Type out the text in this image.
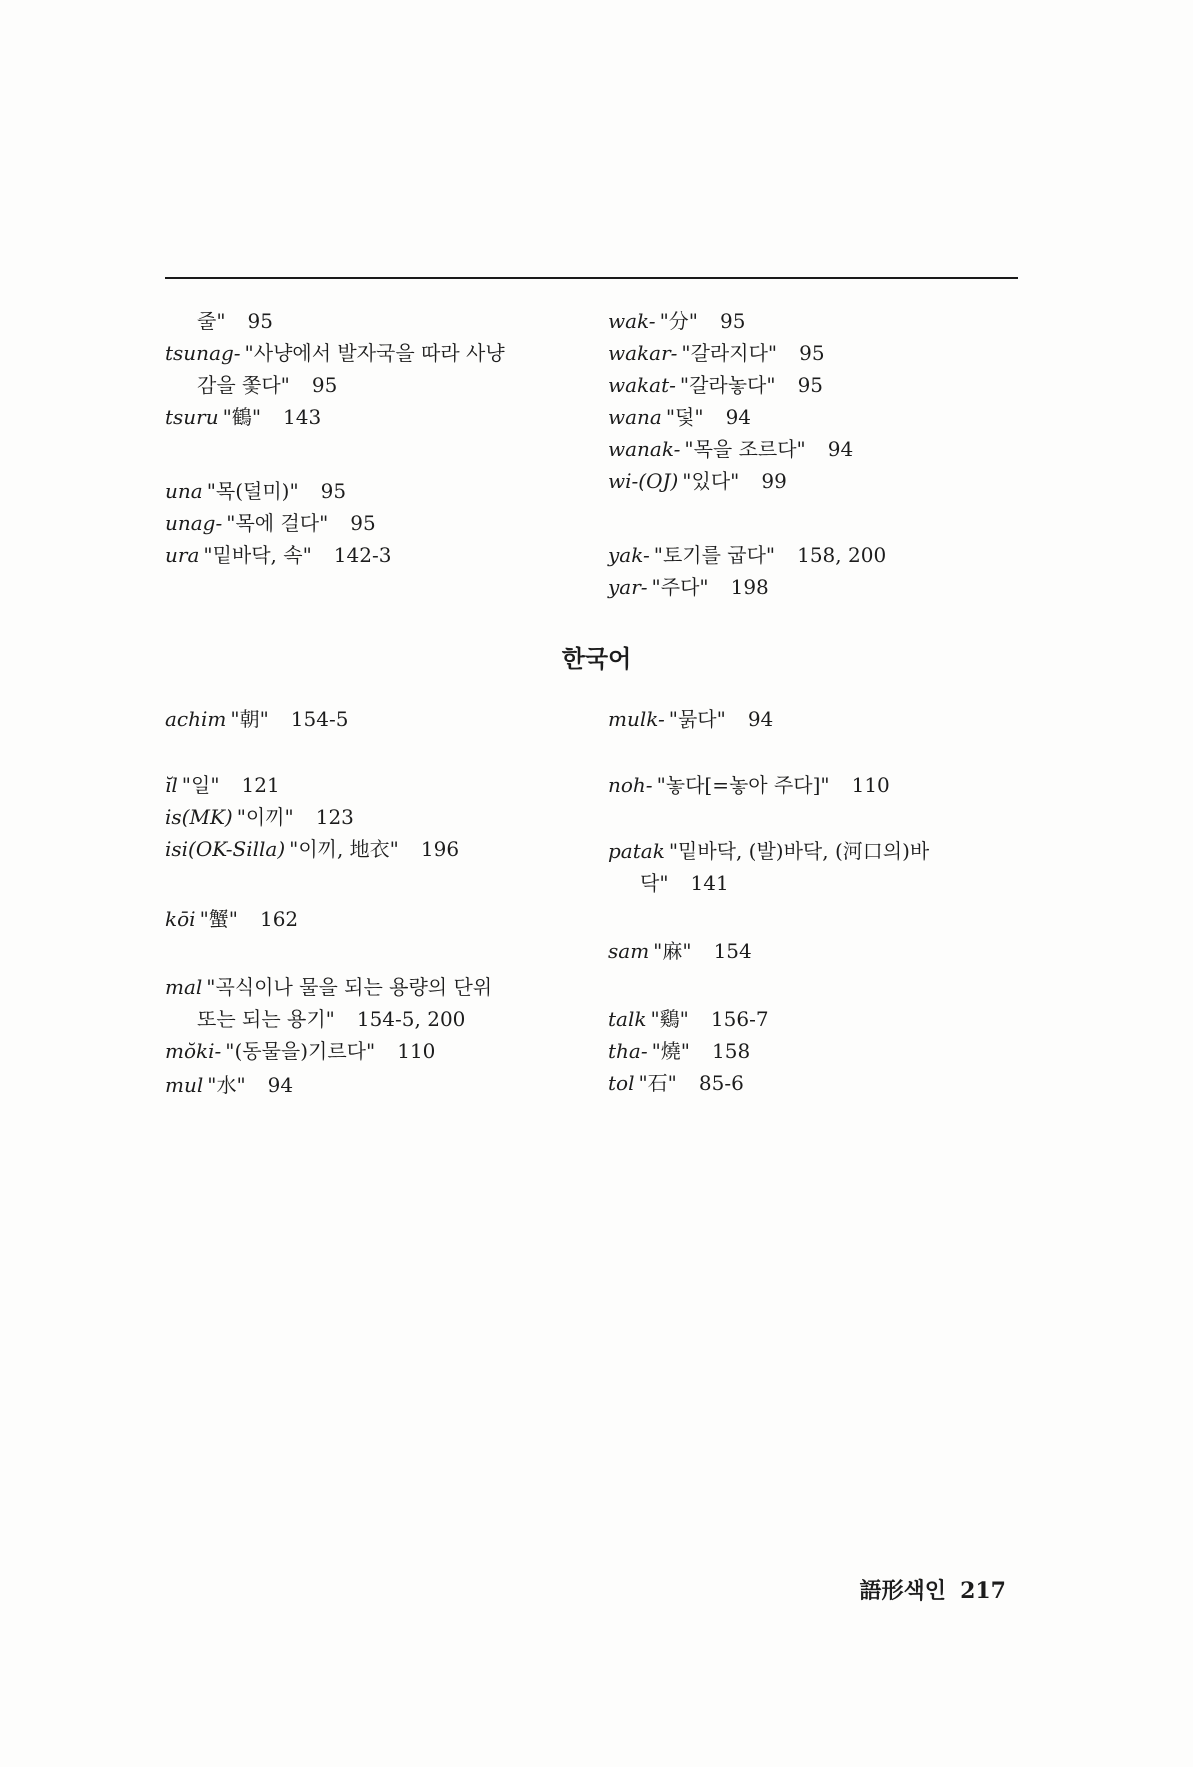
줄" 95
tsunag- "사냥에서 발자국을 따라 사냥
감을 쫓다" 95
tsuru "鶴" 143
una "목(덜미)" 95
unag- "목에 걸다" 95
ura "밑바닥, 속" 142-3
wak- "分" 95
wakar- "갈라지다" 95
wakat- "갈라놓다" 95
wana "덫" 94
wanak- "목을 조르다" 94
wi-(OJ) "있다" 99
yak- "토기를 굽다" 158, 200
yar- "주다" 198
한국어
achim "朝" 154-5
ĭl "일" 121
is(MK) "이끼" 123
isi(OK-Silla) "이끼, 地衣" 196
kōi "蟹" 162
mal "곡식이나 물을 되는 용량의 단위
또는 되는 용기" 154-5, 200
mŏki- "(동물을)기르다" 110
mul "水" 94
mulk- "묽다" 94
noh- "놓다[=놓아 주다]" 110
patak "밑바닥, (발)바닥, (河口의)바
닥" 141
sam "麻" 154
talk "鷄" 156-7
tha- "燒" 158
tol "石" 85-6
語形색인 217
